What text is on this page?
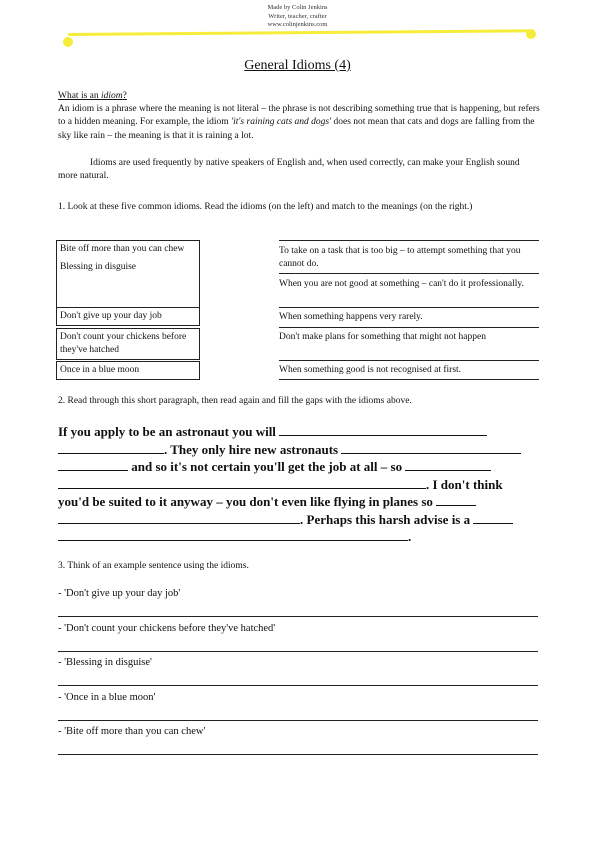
Made by Colin Jenkins
Writer, teacher, crafter
www.colinjenkins.com
General Idioms (4)
What is an idiom?
An idiom is a phrase where the meaning is not literal – the phrase is not describing something true that is happening, but refers to a hidden meaning. For example, the idiom 'it's raining cats and dogs' does not mean that cats and dogs are falling from the sky like rain – the meaning is that it is raining a lot.
Idioms are used frequently by native speakers of English and, when used correctly, can make your English sound more natural.
1. Look at these five common idioms. Read the idioms (on the left) and match to the meanings (on the right.)
Bite off more than you can chew
Blessing in disguise
Don't give up your day job
Don't count your chickens before they've hatched
Once in a blue moon
To take on a task that is too big – to attempt something that you cannot do.
When you are not good at something – can't do it professionally.
When something happens very rarely.
Don't make plans for something that might not happen
When something good is not recognised at first.
2. Read through this short paragraph, then read again and fill the gaps with the idioms above.
If you apply to be an astronaut you will
. They only hire new astronauts
and so it's not certain you'll get the job at all – so
. I don't think
you'd be suited to it anyway – you don't even like flying in planes so
. Perhaps this harsh advise is a
.
3. Think of an example sentence using the idioms.
- 'Don't give up your day job'
- 'Don't count your chickens before they've hatched'
- 'Blessing in disguise'
- 'Once in a blue moon'
- 'Bite off more than you can chew'
